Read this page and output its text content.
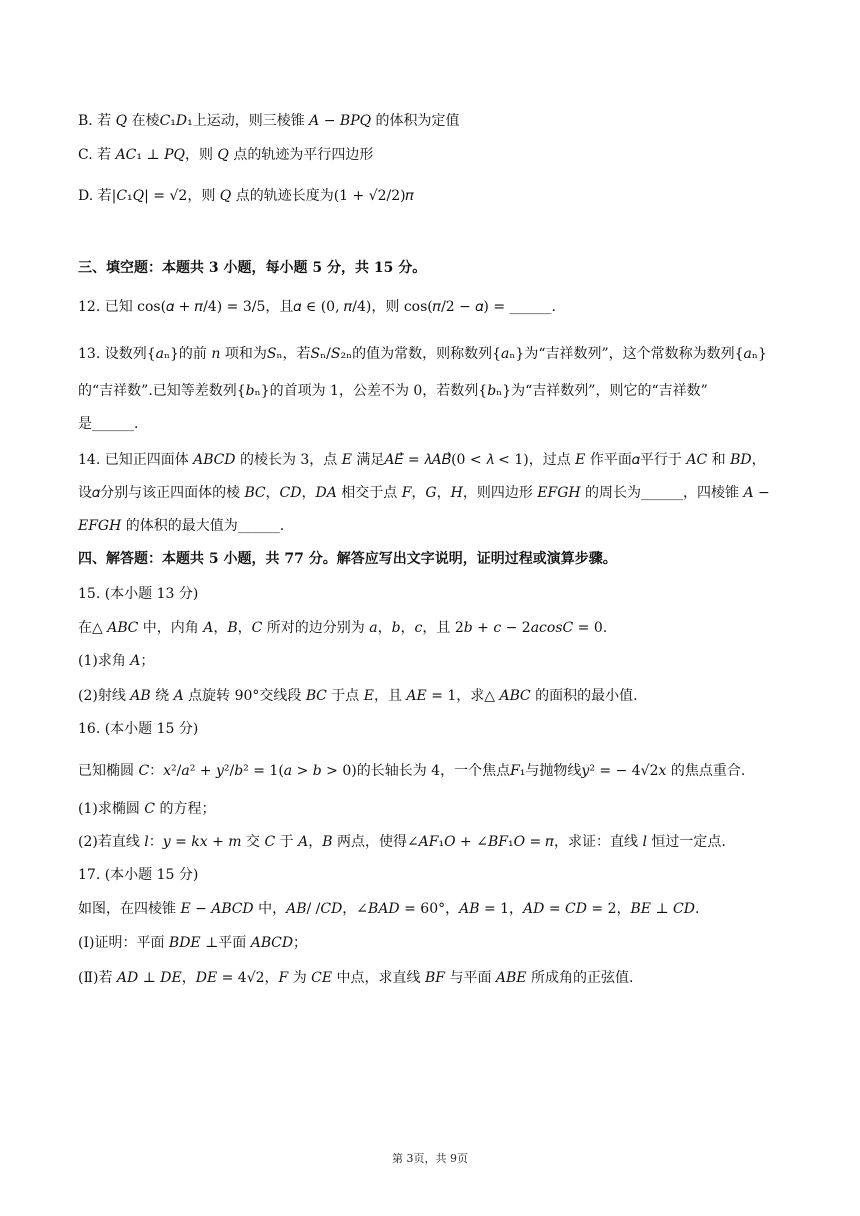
B. 若 𝑄 在棱𝐶₁𝐷₁上运动，则三棱锥 𝐴 − 𝐵𝑃𝑄 的体积为定值
C. 若 𝐴𝐶₁ ⊥ 𝑃𝑄，则 𝑄 点的轨迹为平行四边形
D. 若|𝐶₁𝑄| = √2，则 𝑄 点的轨迹长度为(1 + √2/2)𝜋
三、填空题：本题共 3 小题，每小题 5 分，共 15 分。
12. 已知 cos(𝛼 + 𝜋/4) = 3/5，且𝛼 ∈ (0, 𝜋/4)，则 cos(𝜋/2 − 𝛼) = ______.
13. 设数列{𝑎ₙ}的前 𝑛 项和为𝑆ₙ，若𝑆ₙ/𝑆₂ₙ的值为常数，则称数列{𝑎ₙ}为“吉祥数列”，这个常数称为数列{𝑎ₙ}
的“吉祥数”.已知等差数列{𝑏ₙ}的首项为 1，公差不为 0，若数列{𝑏ₙ}为“吉祥数列”，则它的“吉祥数”
是______.
14. 已知正四面体 𝐴𝐵𝐶𝐷 的棱长为 3，点 𝐸 满足𝐴𝐸⃗ = 𝜆𝐴𝐵⃗(0 < 𝜆 < 1)，过点 𝐸 作平面𝛼平行于 𝐴𝐶 和 𝐵𝐷，
设𝛼分别与该正四面体的棱 𝐵𝐶，𝐶𝐷，𝐷𝐴 相交于点 𝐹，𝐺，𝐻，则四边形 𝐸𝐹𝐺𝐻 的周长为______，四棱锥 𝐴 −
𝐸𝐹𝐺𝐻 的体积的最大值为______.
四、解答题：本题共 5 小题，共 77 分。解答应写出文字说明，证明过程或演算步骤。
15. (本小题 13 分)
在△ 𝐴𝐵𝐶 中，内角 𝐴，𝐵，𝐶 所对的边分别为 𝑎，𝑏，𝑐，且 2𝑏 + 𝑐 − 2𝑎𝑐𝑜𝑠𝐶 = 0.
(1)求角 𝐴；
(2)射线 𝐴𝐵 绕 𝐴 点旋转 90°交线段 𝐵𝐶 于点 𝐸，且 𝐴𝐸 = 1，求△ 𝐴𝐵𝐶 的面积的最小值.
16. (本小题 15 分)
已知椭圆 𝐶：𝑥²/𝑎² + 𝑦²/𝑏² = 1(𝑎 > 𝑏 > 0)的长轴长为 4，一个焦点𝐹₁与抛物线𝑦² = − 4√2𝑥 的焦点重合.
(1)求椭圆 𝐶 的方程；
(2)若直线 𝑙：𝑦 = 𝑘𝑥 + 𝑚 交 𝐶 于 𝐴，𝐵 两点，使得∠𝐴𝐹₁𝑂 + ∠𝐵𝐹₁𝑂 = 𝜋，求证：直线 𝑙 恒过一定点.
17. (本小题 15 分)
如图，在四棱锥 𝐸 − 𝐴𝐵𝐶𝐷 中，𝐴𝐵/ /𝐶𝐷，∠𝐵𝐴𝐷 = 60°，𝐴𝐵 = 1，𝐴𝐷 = 𝐶𝐷 = 2，𝐵𝐸 ⊥ 𝐶𝐷.
(Ⅰ)证明：平面 𝐵𝐷𝐸 ⊥平面 𝐴𝐵𝐶𝐷；
(Ⅱ)若 𝐴𝐷 ⊥ 𝐷𝐸，𝐷𝐸 = 4√2，𝐹 为 𝐶𝐸 中点，求直线 𝐵𝐹 与平面 𝐴𝐵𝐸 所成角的正弦值.
第 3页，共 9页
